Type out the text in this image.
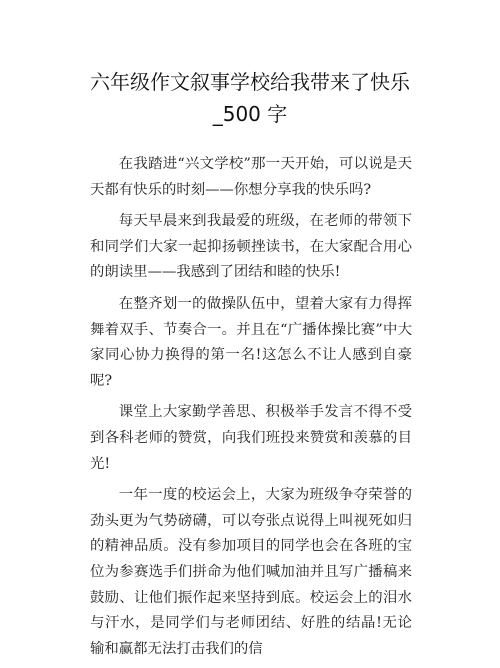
六年级作文叙事学校给我带来了快乐
_500 字

在我踏进“兴文学校”那一天开始，可以说是天天都有快乐的时刻——你想分享我的快乐吗?

每天早晨来到我最爱的班级，在老师的带领下和同学们大家一起抑扬顿挫读书，在大家配合用心的朗读里——我感到了团结和睦的快乐!

在整齐划一的做操队伍中，望着大家有力得挥舞着双手、节奏合一。并且在“广播体操比赛”中大家同心协力换得的第一名!这怎么不让人感到自豪呢?

课堂上大家勤学善思、积极举手发言不得不受到各科老师的赞赏，向我们班投来赞赏和羡慕的目光!

一年一度的校运会上，大家为班级争夺荣誉的劲头更为气势磅礴，可以夸张点说得上叫视死如归的精神品质。没有参加项目的同学也会在各班的宝位为参赛选手们拼命为他们喊加油并且写广播稿来鼓励、让他们振作起来坚持到底。校运会上的泪水与汗水，是同学们与老师团结、好胜的结晶!无论输和赢都无法打击我们的信
